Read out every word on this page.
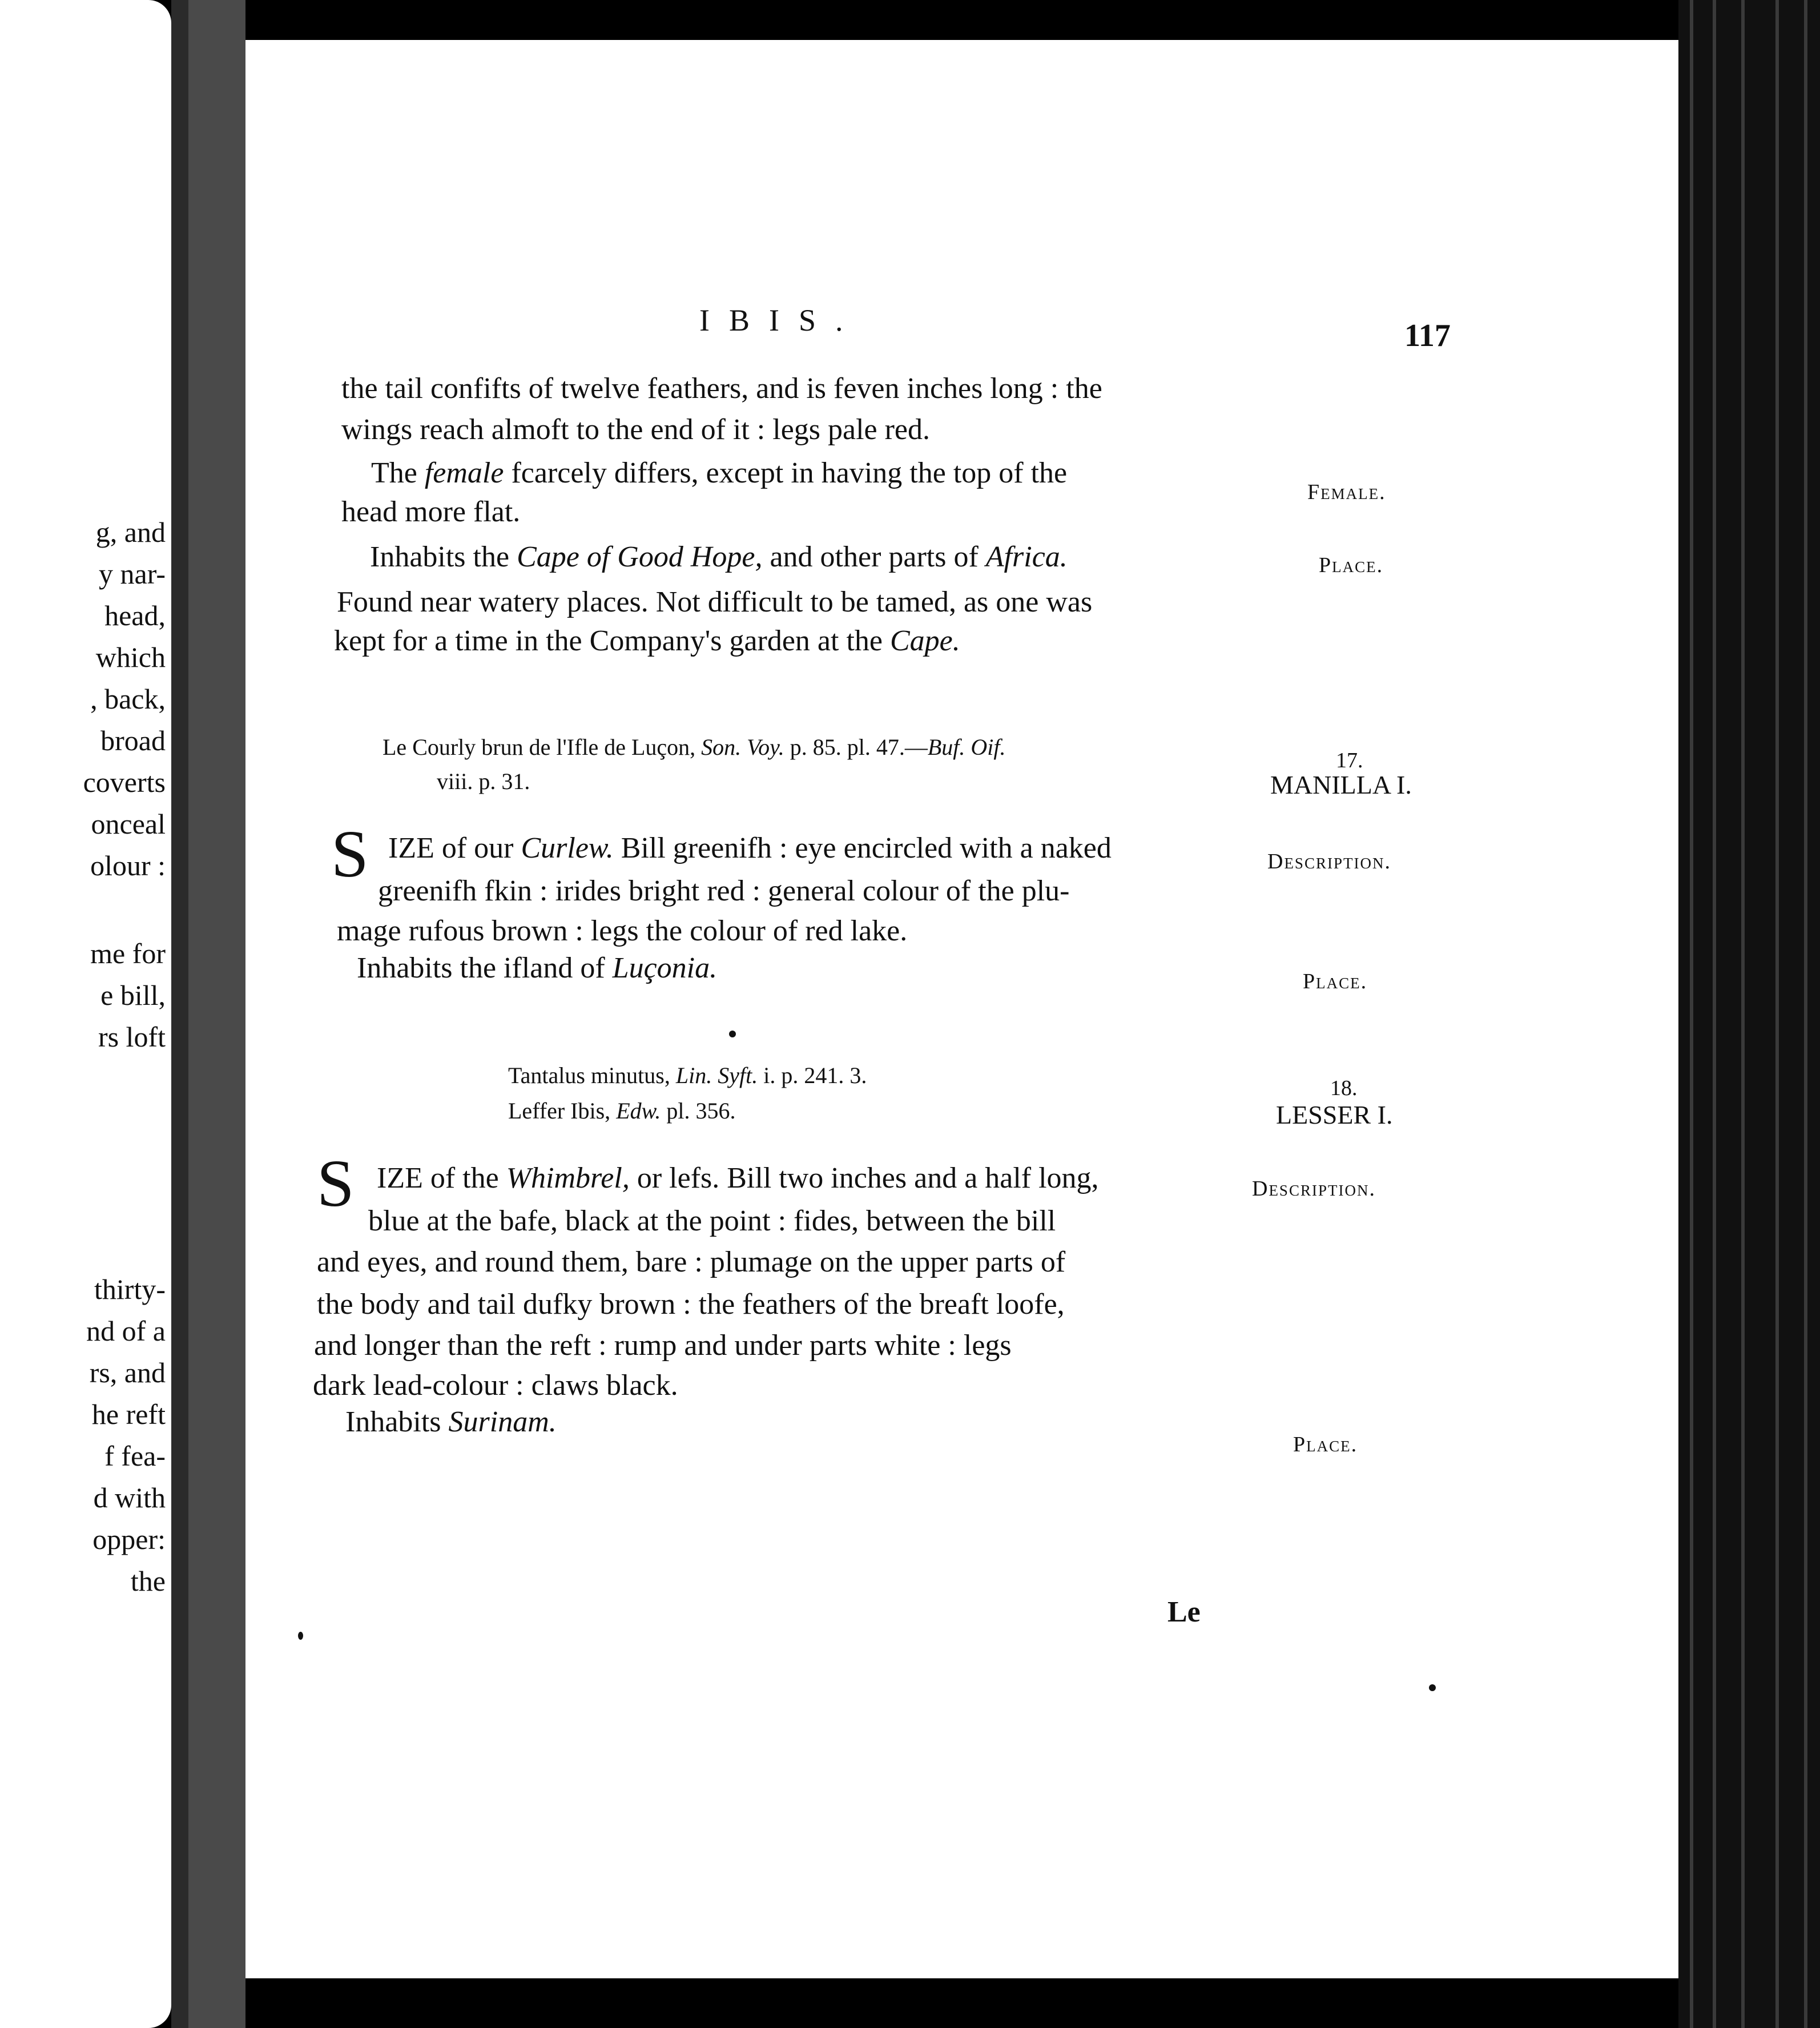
g, and
y nar-
head,
which
, back,
broad
coverts
onceal
olour :
me for
e bill,
rs loft
thirty-
nd of a
rs, and
he reft
f fea-
d with
opper:
the
IBIS.	117
the tail confifts of twelve feathers, and is feven inches long : the
wings reach almoft to the end of it : legs pale red.
The female fcarcely differs, except in having the top of the
head more flat.
Inhabits the Cape of Good Hope, and other parts of Africa.
Found near watery places. Not difficult to be tamed, as one was
kept for a time in the Company's garden at the Cape.
Female.
Place.
Le Courly brun de l'Ifle de Luçon, Son. Voy. p. 85. pl. 47.—Buf. Oif.
viii. p. 31.
17.
MANILLA I.
S IZE of our Curlew. Bill greenifh : eye encircled with a naked
greenifh fkin : irides bright red : general colour of the plu-
mage rufous brown : legs the colour of red lake.
Inhabits the ifland of Luçonia.
Description.
Place.
Tantalus minutus, Lin. Syft. i. p. 241. 3.
Leffer Ibis, Edw. pl. 356.
18.
LESSER I.
S IZE of the Whimbrel, or lefs. Bill two inches and a half long,
blue at the bafe, black at the point : fides, between the bill
and eyes, and round them, bare : plumage on the upper parts of
the body and tail dufky brown : the feathers of the breaft loofe,
and longer than the reft : rump and under parts white : legs
dark lead-colour : claws black.
Inhabits Surinam.
Description.
Place.
Le
